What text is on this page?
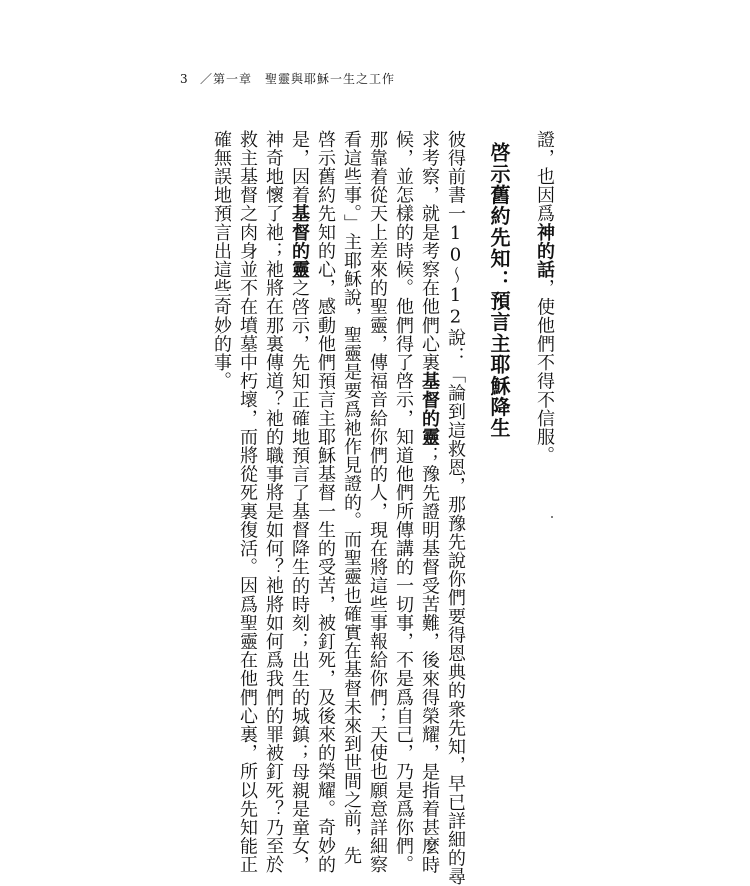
3 ／第一章　聖靈與耶穌一生之工作
證，也因爲神的話，使他們不得不信服。
啓示舊約先知：預言主耶穌降生
彼得前書一10～12說：「論到這救恩，那豫先說你們要得恩典的衆先知，早已詳細的尋
求考察，就是考察在他們心裏基督的靈；豫先證明基督受苦難，後來得榮耀，是指着甚麼時
候，並怎樣的時候。他們得了啓示，知道他們所傳講的一切事，不是爲自己，乃是爲你們。
那靠着從天上差來的聖靈，傳福音給你們的人，現在將這些事報給你們；天使也願意詳細察
看這些事。」主耶穌說，聖靈是要爲祂作見證的。而聖靈也確實在基督未來到世間之前，先
啓示舊約先知的心，感動他們預言主耶穌基督一生的受苦，被釘死，及後來的榮耀。奇妙的
是，因着基督的靈之啓示，先知正確地預言了基督降生的時刻；出生的城鎮；母親是童女，
神奇地懷了祂；祂將在那裏傳道？祂的職事將是如何？祂將如何爲我們的罪被釘死？乃至於
救主基督之肉身並不在墳墓中朽壞，而將從死裏復活。因爲聖靈在他們心裏，所以先知能正
確無誤地預言出這些奇妙的事。
